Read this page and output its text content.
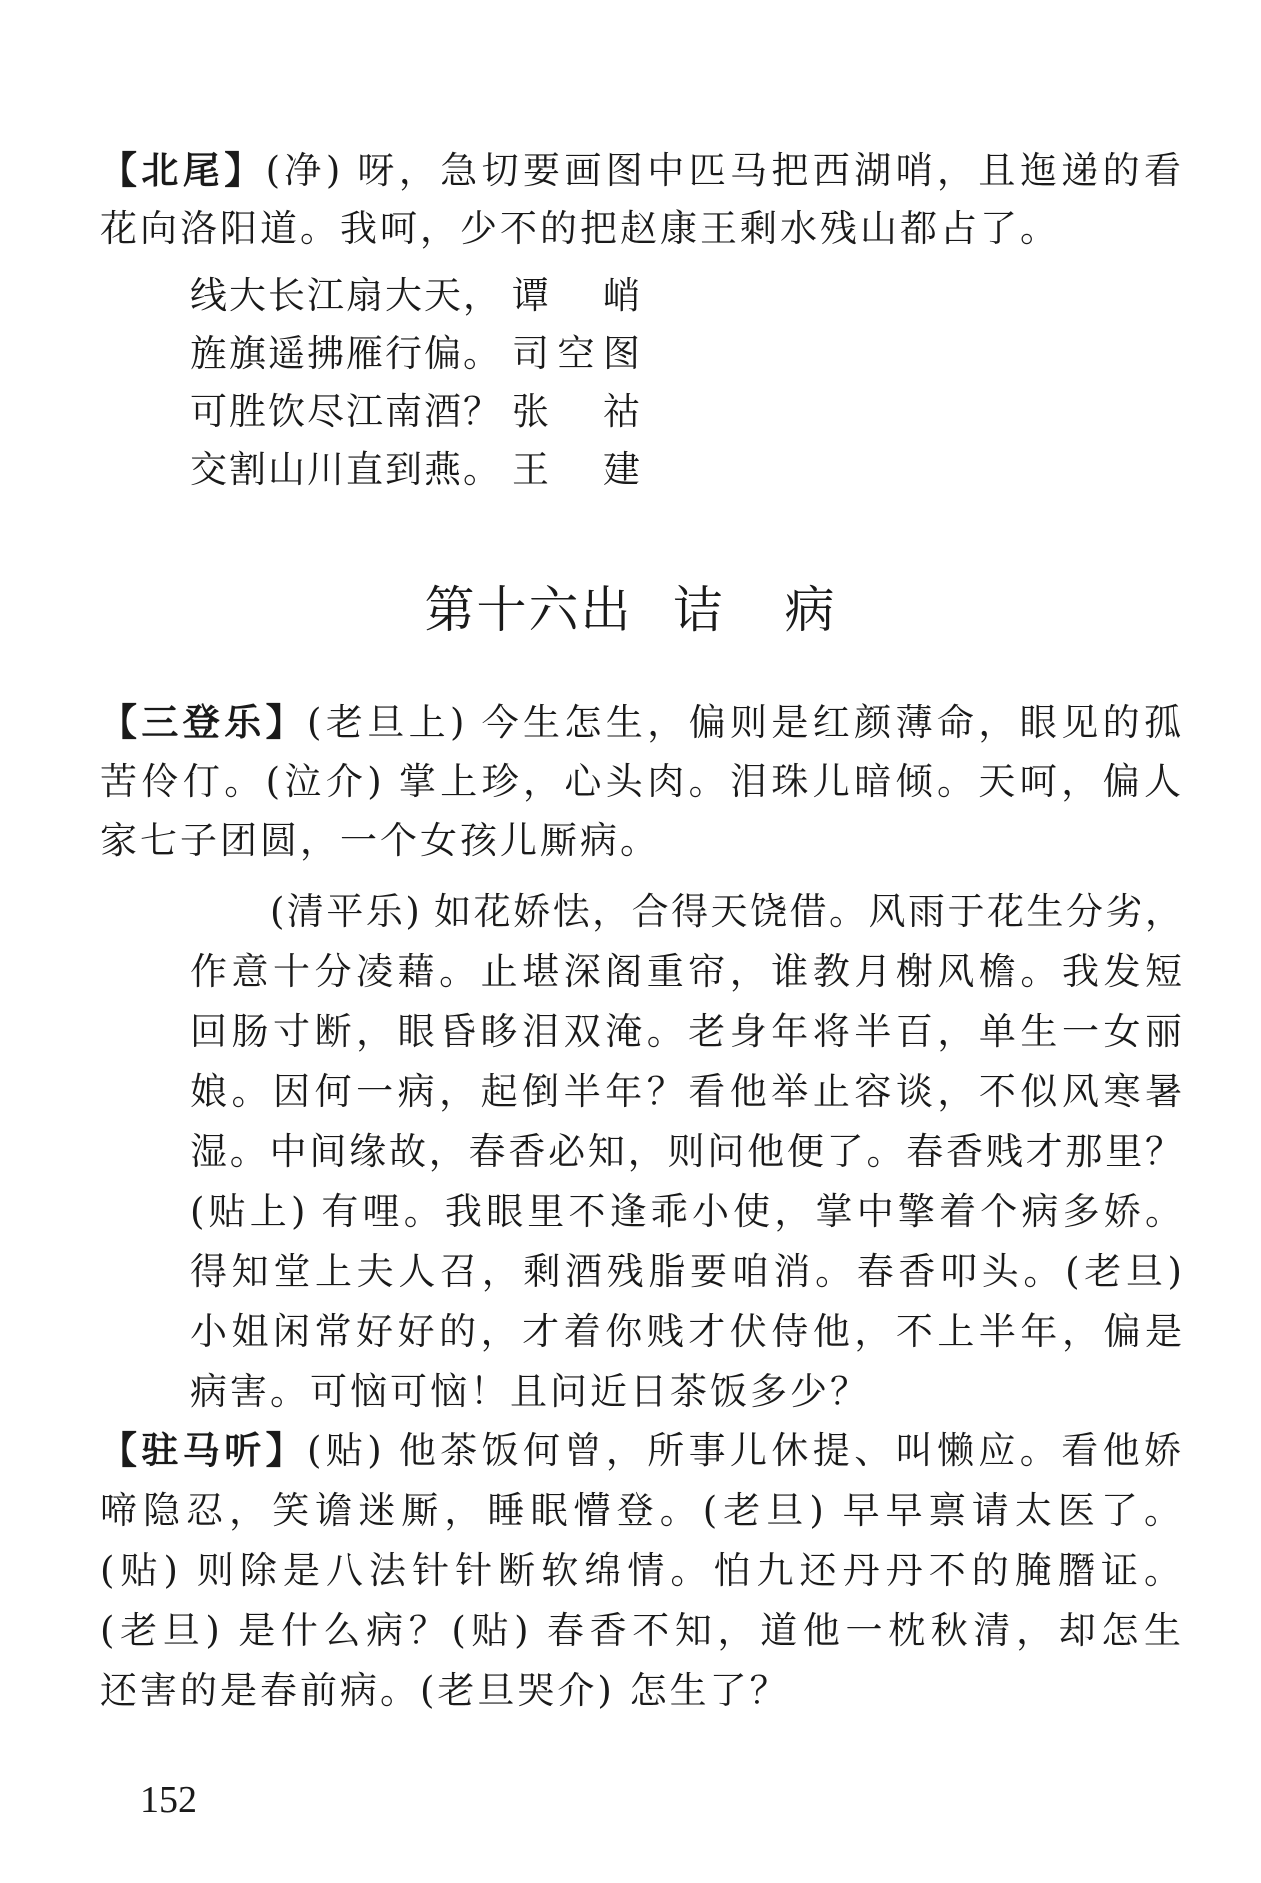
【北尾】(净) 呀，急切要画图中匹马把西湖哨，且迤递的看
花向洛阳道。我呵，少不的把赵康王剩水残山都占了。
线大长江扇大天， 谭峭
旌旗遥拂雁行偏。 司空图
可胜饮尽江南酒？ 张祜
交割山川直到燕。 王建
第十六出 诘 病
【三登乐】(老旦上) 今生怎生，偏则是红颜薄命，眼见的孤
苦伶仃。(泣介) 掌上珍，心头肉。泪珠儿暗倾。天呵，偏人
家七子团圆，一个女孩儿厮病。
(清平乐) 如花娇怯，合得天饶借。风雨于花生分劣，
作意十分凌藉。止堪深阁重帘，谁教月榭风檐。我发短
回肠寸断，眼昏眵泪双淹。老身年将半百，单生一女丽
娘。因何一病，起倒半年？看他举止容谈，不似风寒暑
湿。中间缘故，春香必知，则问他便了。春香贱才那里？
(贴上) 有哩。我眼里不逢乖小使，掌中擎着个病多娇。
得知堂上夫人召，剩酒残脂要咱消。春香叩头。(老旦)
小姐闲常好好的，才着你贱才伏侍他，不上半年，偏是
病害。可恼可恼！且问近日茶饭多少？
【驻马听】(贴) 他茶饭何曾，所事儿休提、叫懒应。看他娇
啼隐忍，笑谵迷厮，睡眠懵登。(老旦) 早早禀请太医了。
(贴) 则除是八法针针断软绵情。怕九还丹丹不的腌䐶证。
(老旦) 是什么病？(贴) 春香不知，道他一枕秋清，却怎生
还害的是春前病。(老旦哭介) 怎生了？
152
